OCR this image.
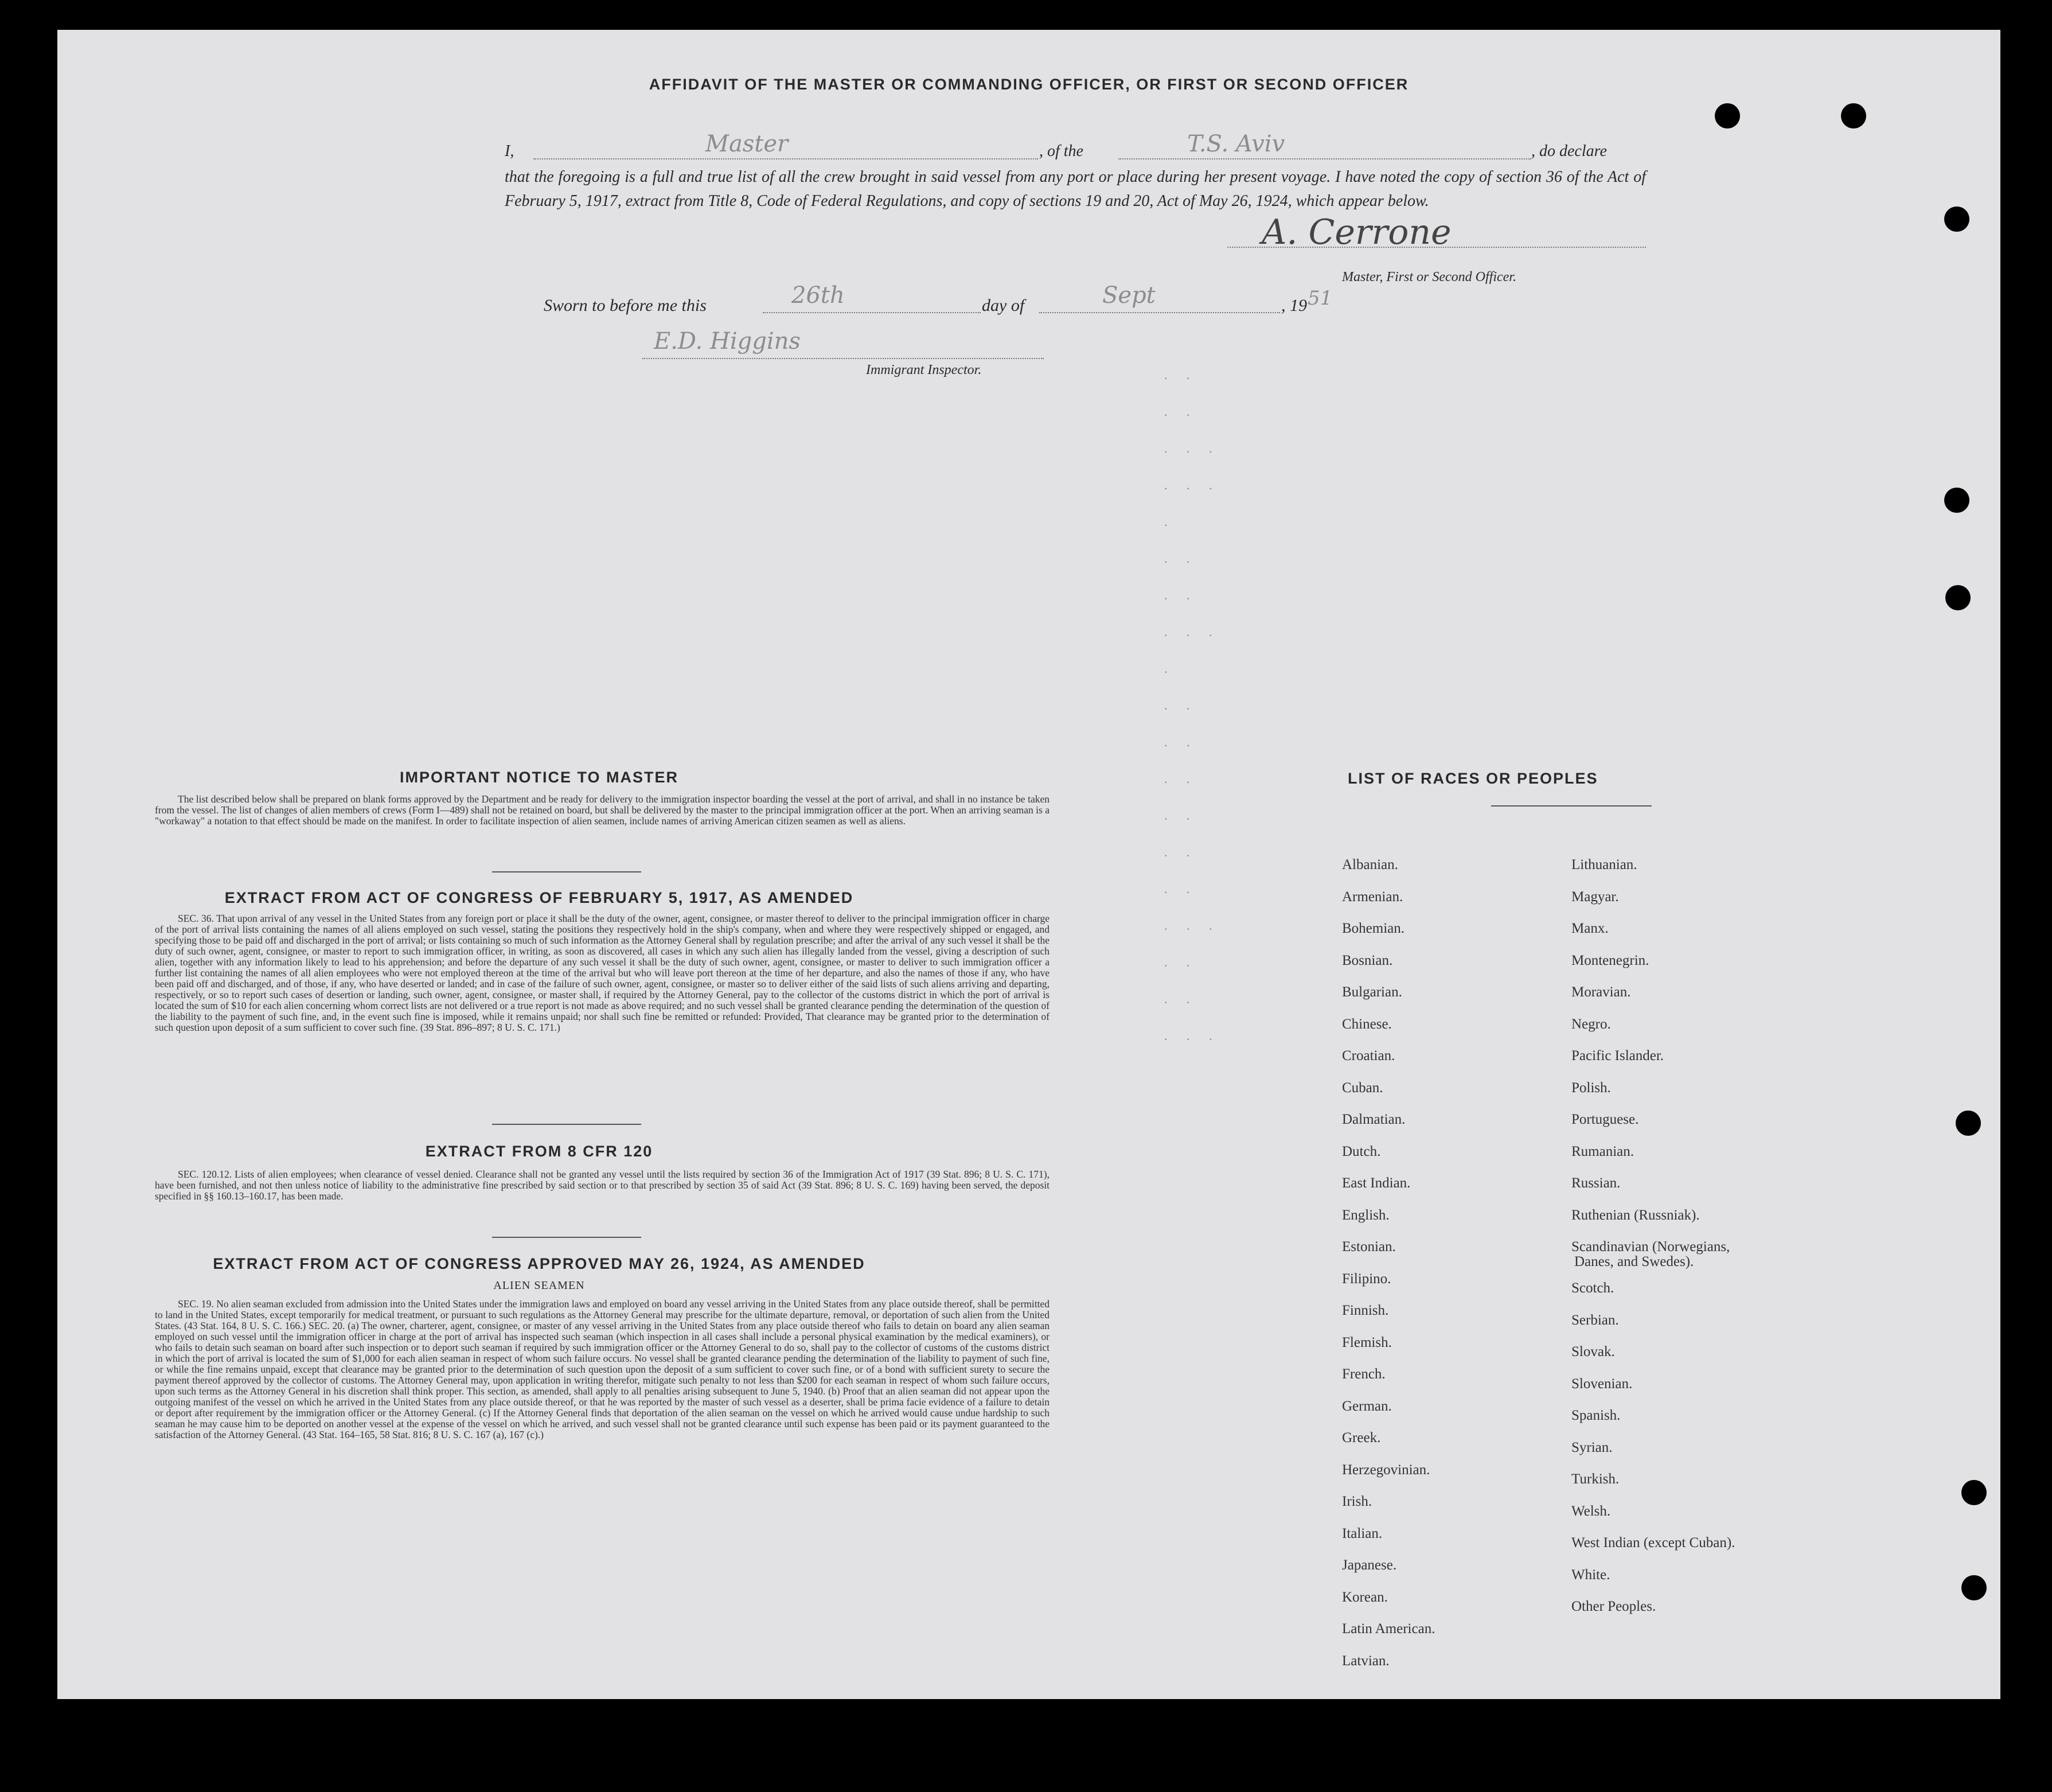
AFFIDAVIT OF THE MASTER OR COMMANDING OFFICER, OR FIRST OR SECOND OFFICER
I,	Master	, of the	T.S. Aviv	, do declare
that the foregoing is a full and true list of all the crew brought in said vessel from any port or place during her present voyage. I have noted the copy of section 36 of the Act of February 5, 1917, extract from Title 8, Code of Federal Regulations, and copy of sections 19 and 20, Act of May 26, 1924, which appear below.
A. Cerrone
Master, First or Second Officer.
Sworn to before me this	26th	day of	Sept	, 19 51
E.D. Higgins
Immigrant Inspector.	. .
. .
. . .
. . .
.
. .
. .
. . .
.
. .
. .
. .
. .
. .
. .
. . .
. .
. .
. . .
IMPORTANT NOTICE TO MASTER
The list described below shall be prepared on blank forms approved by the Department and be ready for delivery to the immigration inspector boarding the vessel at the port of arrival, and shall in no instance be taken from the vessel. The list of changes of alien members of crews (Form I—489) shall not be retained on board, but shall be delivered by the master to the principal immigration officer at the port. When an arriving seaman is a "workaway" a notation to that effect should be made on the manifest. In order to facilitate inspection of alien seamen, include names of arriving American citizen seamen as well as aliens.
EXTRACT FROM ACT OF CONGRESS OF FEBRUARY 5, 1917, AS AMENDED
SEC. 36. That upon arrival of any vessel in the United States from any foreign port or place it shall be the duty of the owner, agent, consignee, or master thereof to deliver to the principal immigration officer in charge of the port of arrival lists containing the names of all aliens employed on such vessel, stating the positions they respectively hold in the ship's company, when and where they were respectively shipped or engaged, and specifying those to be paid off and discharged in the port of arrival; or lists containing so much of such information as the Attorney General shall by regulation prescribe; and after the arrival of any such vessel it shall be the duty of such owner, agent, consignee, or master to report to such immigration officer, in writing, as soon as discovered, all cases in which any such alien has illegally landed from the vessel, giving a description of such alien, together with any information likely to lead to his apprehension; and before the departure of any such vessel it shall be the duty of such owner, agent, consignee, or master to deliver to such immigration officer a further list containing the names of all alien employees who were not employed thereon at the time of the arrival but who will leave port thereon at the time of her departure, and also the names of those if any, who have been paid off and discharged, and of those, if any, who have deserted or landed; and in case of the failure of such owner, agent, consignee, or master so to deliver either of the said lists of such aliens arriving and departing, respectively, or so to report such cases of desertion or landing, such owner, agent, consignee, or master shall, if required by the Attorney General, pay to the collector of the customs district in which the port of arrival is located the sum of $10 for each alien concerning whom correct lists are not delivered or a true report is not made as above required; and no such vessel shall be granted clearance pending the determination of the question of the liability to the payment of such fine, and, in the event such fine is imposed, while it remains unpaid; nor shall such fine be remitted or refunded: Provided, That clearance may be granted prior to the determination of such question upon deposit of a sum sufficient to cover such fine. (39 Stat. 896–897; 8 U. S. C. 171.)
EXTRACT FROM 8 CFR 120
SEC. 120.12. Lists of alien employees; when clearance of vessel denied. Clearance shall not be granted any vessel until the lists required by section 36 of the Immigration Act of 1917 (39 Stat. 896; 8 U. S. C. 171), have been furnished, and not then unless notice of liability to the administrative fine prescribed by said section or to that prescribed by section 35 of said Act (39 Stat. 896; 8 U. S. C. 169) having been served, the deposit specified in §§ 160.13–160.17, has been made.
EXTRACT FROM ACT OF CONGRESS APPROVED MAY 26, 1924, AS AMENDED
ALIEN SEAMEN
SEC. 19. No alien seaman excluded from admission into the United States under the immigration laws and employed on board any vessel arriving in the United States from any place outside thereof, shall be permitted to land in the United States, except temporarily for medical treatment, or pursuant to such regulations as the Attorney General may prescribe for the ultimate departure, removal, or deportation of such alien from the United States. (43 Stat. 164, 8 U. S. C. 166.) SEC. 20. (a) The owner, charterer, agent, consignee, or master of any vessel arriving in the United States from any place outside thereof who fails to detain on board any alien seaman employed on such vessel until the immigration officer in charge at the port of arrival has inspected such seaman (which inspection in all cases shall include a personal physical examination by the medical examiners), or who fails to detain such seaman on board after such inspection or to deport such seaman if required by such immigration officer or the Attorney General to do so, shall pay to the collector of customs of the customs district in which the port of arrival is located the sum of $1,000 for each alien seaman in respect of whom such failure occurs. No vessel shall be granted clearance pending the determination of the liability to payment of such fine, or while the fine remains unpaid, except that clearance may be granted prior to the determination of such question upon the deposit of a sum sufficient to cover such fine, or of a bond with sufficient surety to secure the payment thereof approved by the collector of customs. The Attorney General may, upon application in writing therefor, mitigate such penalty to not less than $200 for each seaman in respect of whom such failure occurs, upon such terms as the Attorney General in his discretion shall think proper. This section, as amended, shall apply to all penalties arising subsequent to June 5, 1940. (b) Proof that an alien seaman did not appear upon the outgoing manifest of the vessel on which he arrived in the United States from any place outside thereof, or that he was reported by the master of such vessel as a deserter, shall be prima facie evidence of a failure to detain or deport after requirement by the immigration officer or the Attorney General. (c) If the Attorney General finds that deportation of the alien seaman on the vessel on which he arrived would cause undue hardship to such seaman he may cause him to be deported on another vessel at the expense of the vessel on which he arrived, and such vessel shall not be granted clearance until such expense has been paid or its payment guaranteed to the satisfaction of the Attorney General. (43 Stat. 164–165, 58 Stat. 816; 8 U. S. C. 167 (a), 167 (c).)
LIST OF RACES OR PEOPLES
Albanian.
Armenian.
Bohemian.
Bosnian.
Bulgarian.
Chinese.
Croatian.
Cuban.
Dalmatian.
Dutch.
East Indian.
English.
Estonian.
Filipino.
Finnish.
Flemish.
French.
German.
Greek.
Herzegovinian.
Irish.
Italian.
Japanese.
Korean.
Latin American.
Latvian.
Lithuanian.
Magyar.
Manx.
Montenegrin.
Moravian.
Negro.
Pacific Islander.
Polish.
Portuguese.
Rumanian.
Russian.
Ruthenian (Russniak).
Scandinavian (Norwegians,
Danes, and Swedes).
Scotch.
Serbian.
Slovak.
Slovenian.
Spanish.
Syrian.
Turkish.
Welsh.
West Indian (except Cuban).
White.
Other Peoples.
